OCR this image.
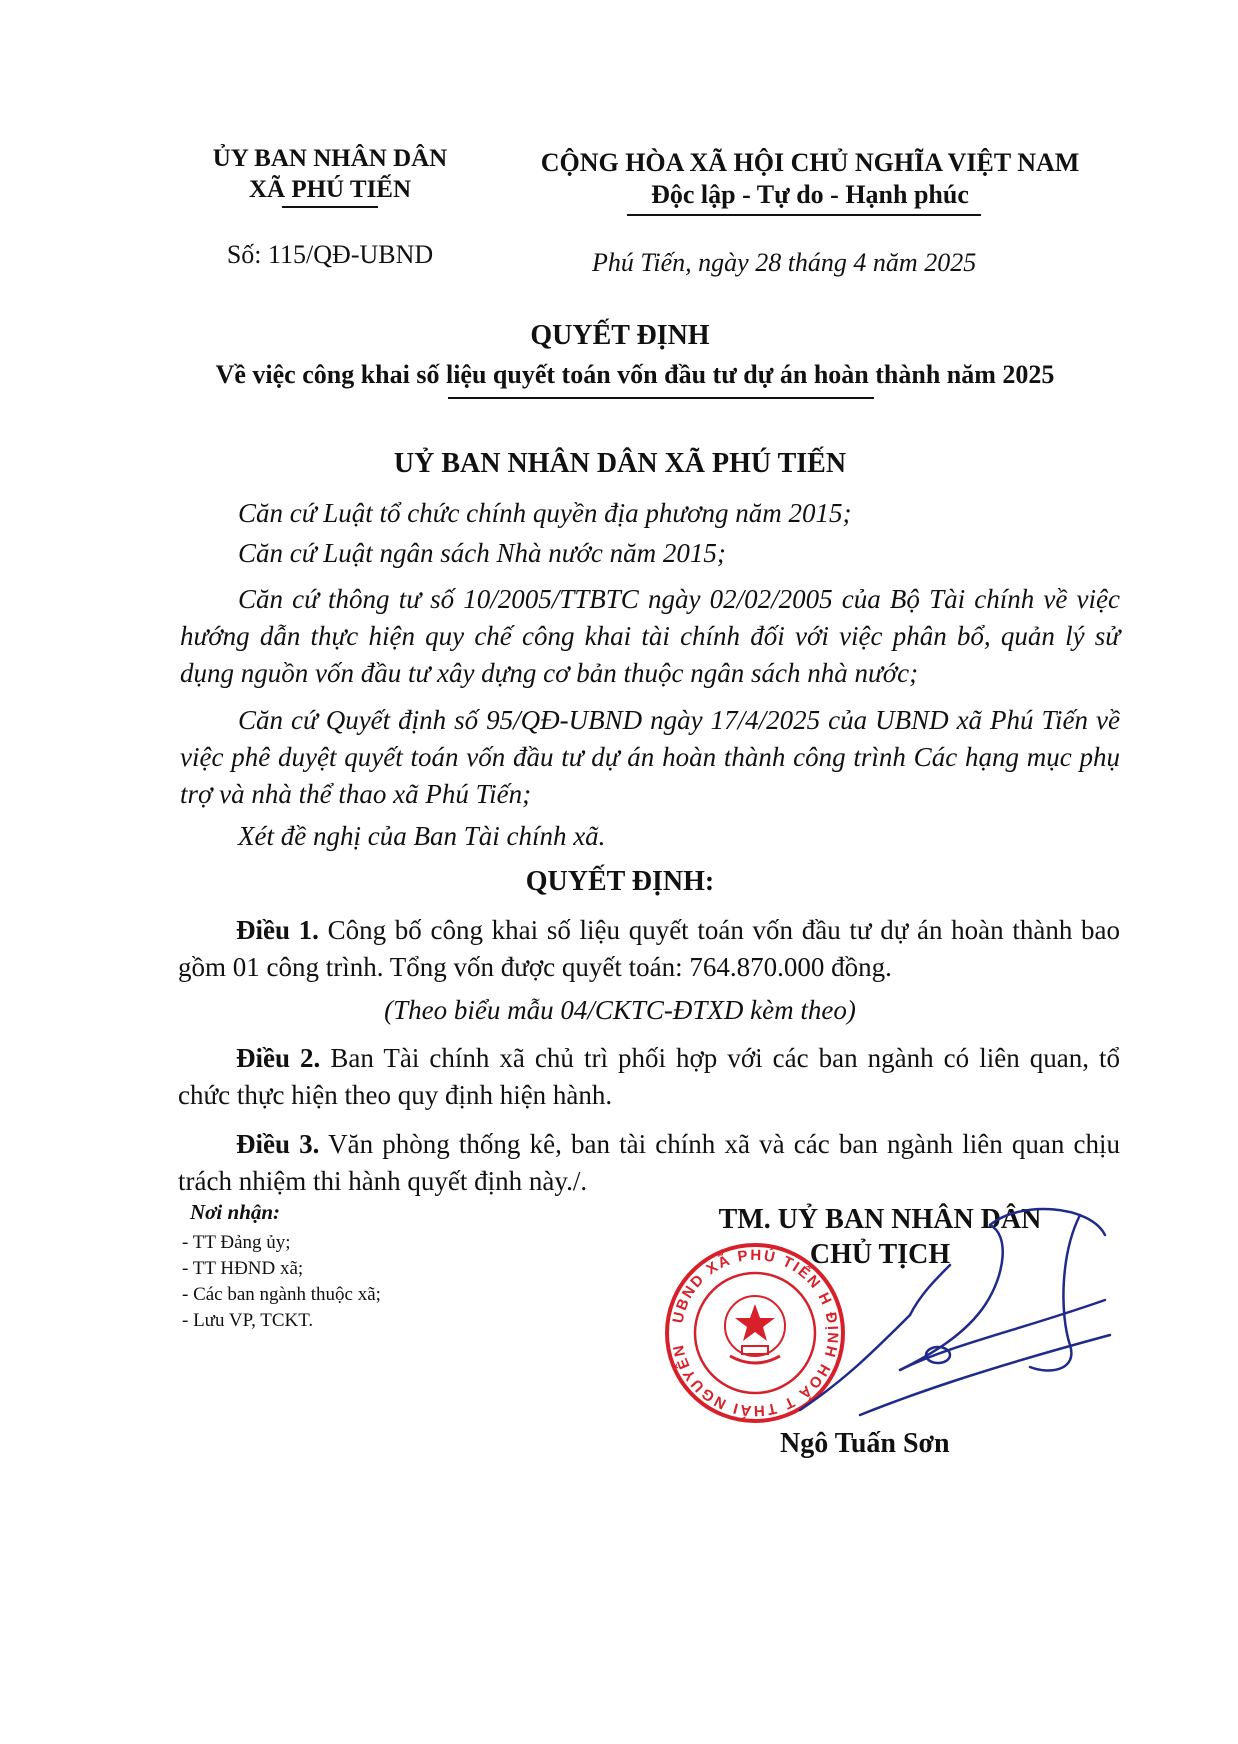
ỦY BAN NHÂN DÂN
XÃ PHÚ TIẾN
Số: 115/QĐ-UBND
CỘNG HÒA XÃ HỘI CHỦ NGHĨA VIỆT NAM
Độc lập - Tự do - Hạnh phúc
Phú Tiến, ngày 28 tháng 4 năm 2025
QUYẾT ĐỊNH
Về việc công khai số liệu quyết toán vốn đầu tư dự án hoàn thành năm 2025
UỶ BAN NHÂN DÂN XÃ PHÚ TIẾN
Căn cứ Luật tổ chức chính quyền địa phương năm 2015;
Căn cứ Luật ngân sách Nhà nước năm 2015;
Căn cứ thông tư số 10/2005/TTBTC ngày 02/02/2005 của Bộ Tài chính về việc hướng dẫn thực hiện quy chế công khai tài chính đối với việc phân bổ, quản lý sử dụng nguồn vốn đầu tư xây dựng cơ bản thuộc ngân sách nhà nước;
Căn cứ Quyết định số 95/QĐ-UBND ngày 17/4/2025 của UBND xã Phú Tiến về việc phê duyệt quyết toán vốn đầu tư dự án hoàn thành công trình Các hạng mục phụ trợ và nhà thể thao xã Phú Tiến;
Xét đề nghị của Ban Tài chính xã.
QUYẾT ĐỊNH:
Điều 1. Công bố công khai số liệu quyết toán vốn đầu tư dự án hoàn thành bao gồm 01 công trình. Tổng vốn được quyết toán: 764.870.000 đồng.
(Theo biểu mẫu 04/CKTC-ĐTXD kèm theo)
Điều 2. Ban Tài chính xã chủ trì phối hợp với các ban ngành có liên quan, tổ chức thực hiện theo quy định hiện hành.
Điều 3. Văn phòng thống kê, ban tài chính xã và các ban ngành liên quan chịu trách nhiệm thi hành quyết định này./.
Nơi nhận:
- TT Đảng ủy;
- TT HĐND xã;
- Các ban ngành thuộc xã;
- Lưu VP, TCKT.
TM. UỶ BAN NHÂN DÂN
CHỦ TỊCH
UBND XÃ PHÚ TIẾN H ĐỊNH HOÁ T THÁI NGUYÊN
Ngô Tuấn Sơn
